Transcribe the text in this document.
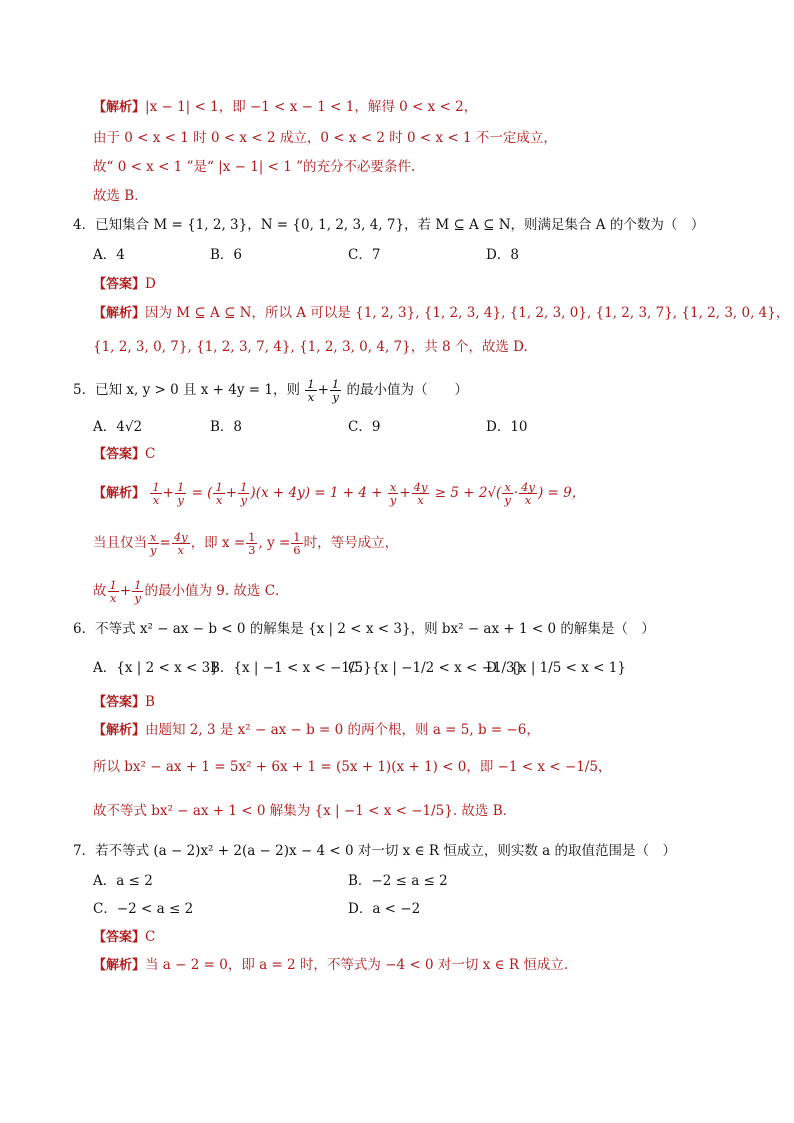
【解析】|x − 1| < 1，即 −1 < x − 1 < 1，解得 0 < x < 2，
由于 0 < x < 1 时 0 < x < 2 成立，0 < x < 2 时 0 < x < 1 不一定成立，
故“ 0 < x < 1 ”是“ |x − 1| < 1 ”的充分不必要条件.
故选 B．
4．已知集合 M = {1, 2, 3}，N = {0, 1, 2, 3, 4, 7}，若 M ⊆ A ⊆ N，则满足集合 A 的个数为（　）
A．4	B．6	C．7	D．8
【答案】D
【解析】因为 M ⊆ A ⊆ N，所以 A 可以是 {1, 2, 3}, {1, 2, 3, 4}, {1, 2, 3, 0}, {1, 2, 3, 7}, {1, 2, 3, 0, 4}，
{1, 2, 3, 0, 7}, {1, 2, 3, 7, 4}, {1, 2, 3, 0, 4, 7}，共 8 个，故选 D.
5．已知 x, y > 0 且 x + 4y = 1，则 $\frac{1}{x} + \frac{1}{y}$ 的最小值为（　　）
A．4√2	B．8	C．9	D．10
【答案】C
【解析】 $\frac{1}{x} + \frac{1}{y}$ = ( $\frac{1}{x} + \frac{1}{y} )(x + 4y) = 1 + 4 + \frac{x}{y} + \frac{4y}{x} \ge 5 + 2√( \frac{x}{y} \cdot \frac{4y}{x}$ ) = 9，
当且仅当 $\frac{x}{y} = \frac{4y}{x}$ ，即 $x = \frac{1}{3}$ , $y = \frac{1}{6}$ 时，等号成立，
故 $\frac{1}{x} + \frac{1}{y}$ 的最小值为 9. 故选 C．
6．不等式 x² − ax − b < 0 的解集是 {x | 2 < x < 3}，则 bx² − ax + 1 < 0 的解集是（　）
A．{x | 2 < x < 3}
B．{x | −1 < x < −1/5}
C．{x | −1/2 < x < −1/3}
D．{x | 1/5 < x < 1}
【答案】B
【解析】由题知 2, 3 是 x² − ax − b = 0 的两个根，则 a = 5, b = −6，
所以 bx² − ax + 1 = 5x² + 6x + 1 = (5x + 1)(x + 1) < 0，即 −1 < x < −1/5，
故不等式 bx² − ax + 1 < 0 解集为 {x | −1 < x < −1/5}. 故选 B．
7．若不等式 (a − 2)x² + 2(a − 2)x − 4 < 0 对一切 x ∈ R 恒成立，则实数 a 的取值范围是（　）
A．a ≤ 2	B．−2 ≤ a ≤ 2
C．−2 < a ≤ 2	D．a < −2
【答案】C
【解析】当 a − 2 = 0，即 a = 2 时，不等式为 −4 < 0 对一切 x ∈ R 恒成立.
